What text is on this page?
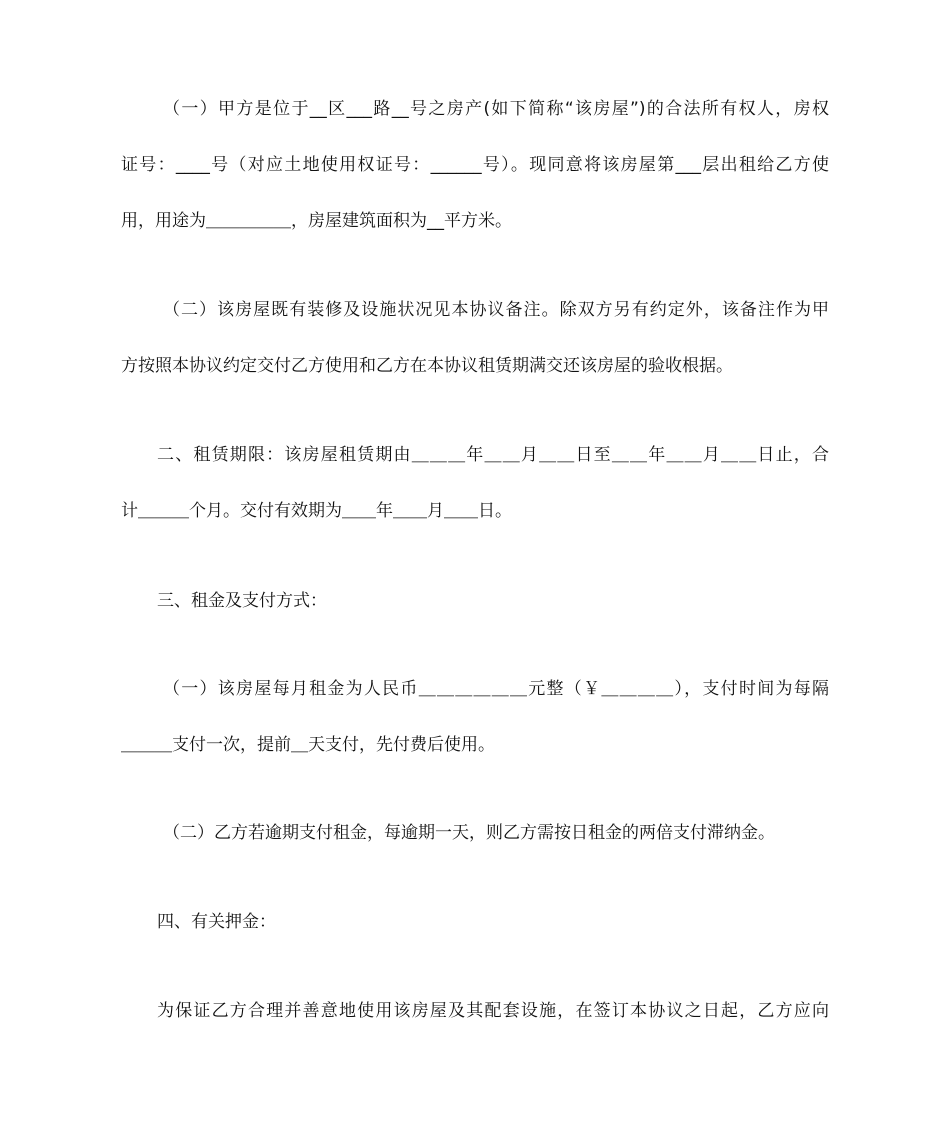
（一）甲方是位于__区___路__号之房产(如下简称“该房屋”)的合法所有权人，房权
证号：____号（对应土地使用权证号：______号）。现同意将该房屋第___层出租给乙方使
用，用途为＿＿＿＿＿，房屋建筑面积为__平方米。
（二）该房屋既有装修及设施状况见本协议备注。除双方另有约定外，该备注作为甲
方按照本协议约定交付乙方使用和乙方在本协议租赁期满交还该房屋的验收根据。
二、租赁期限：该房屋租赁期由＿＿＿年＿＿月＿＿日至＿＿年＿＿月＿＿日止，合
计＿＿＿个月。交付有效期为＿＿年＿＿月＿＿日。
三、租金及支付方式：
（一）该房屋每月租金为人民币＿＿＿＿＿＿元整（￥＿＿＿＿），支付时间为每隔
＿＿＿支付一次，提前＿天支付，先付费后使用。
（二）乙方若逾期支付租金，每逾期一天，则乙方需按日租金的两倍支付滞纳金。
四、有关押金：
为保证乙方合理并善意地使用该房屋及其配套设施，在签订本协议之日起，乙方应向
